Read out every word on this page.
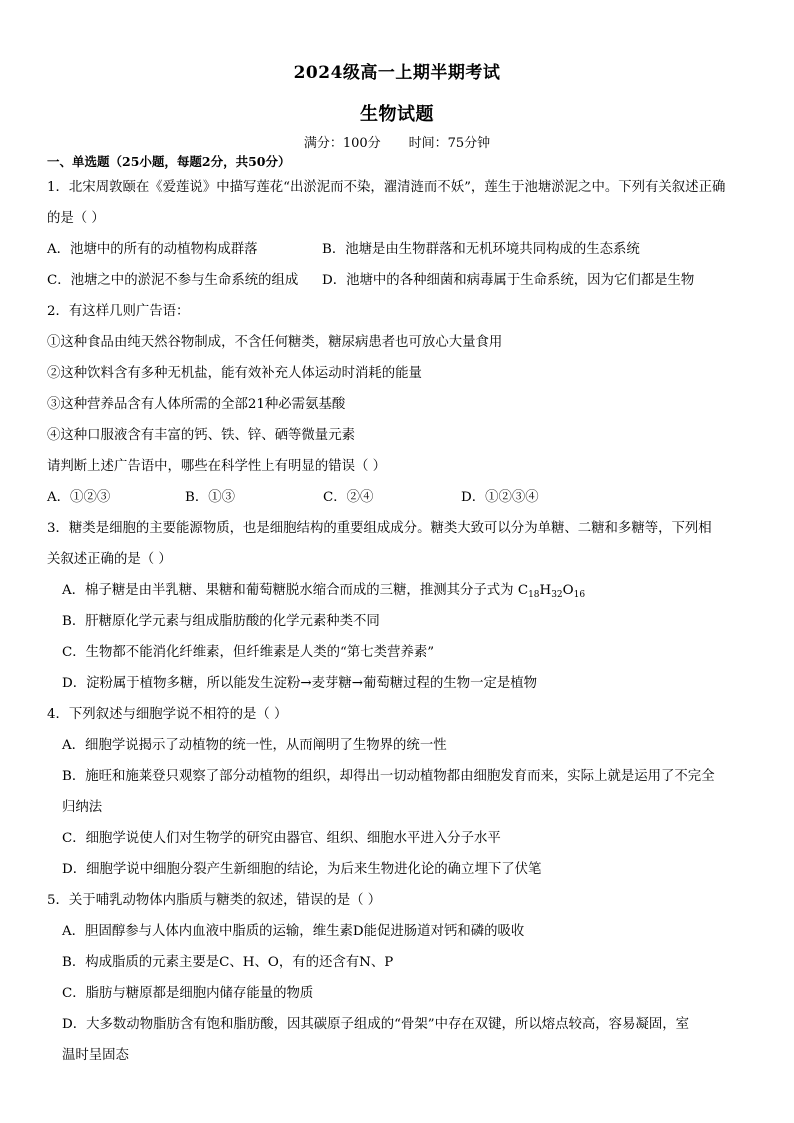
2024级高一上期半期考试
生物试题
满分：100分 时间：75分钟
一、单选题（25小题，每题2分，共50分）
1．北宋周敦颐在《爱莲说》中描写莲花“出淤泥而不染，濯清涟而不妖”，莲生于池塘淤泥之中。下列有关叙述正确
的是（ ）
A．池塘中的所有的动植物构成群落	B．池塘是由生物群落和无机环境共同构成的生态系统
C．池塘之中的淤泥不参与生命系统的组成 D．池塘中的各种细菌和病毒属于生命系统，因为它们都是生物
2．有这样几则广告语：
①这种食品由纯天然谷物制成，不含任何糖类，糖尿病患者也可放心大量食用
②这种饮料含有多种无机盐，能有效补充人体运动时消耗的能量
③这种营养品含有人体所需的全部21种必需氨基酸
④这种口服液含有丰富的钙、铁、锌、硒等微量元素
请判断上述广告语中，哪些在科学性上有明显的错误（ ）
A．①②③	B．①③	C．②④	D．①②③④
3．糖类是细胞的主要能源物质，也是细胞结构的重要组成成分。糖类大致可以分为单糖、二糖和多糖等，下列相
关叙述正确的是（ ）
A．棉子糖是由半乳糖、果糖和葡萄糖脱水缩合而成的三糖，推测其分子式为 $C_{18}H_{32}O_{16}$
B．肝糖原化学元素与组成脂肪酸的化学元素种类不同
C．生物都不能消化纤维素，但纤维素是人类的“第七类营养素”
D．淀粉属于植物多糖，所以能发生淀粉→麦芽糖→葡萄糖过程的生物一定是植物
4．下列叙述与细胞学说不相符的是（ ）
A．细胞学说揭示了动植物的统一性，从而阐明了生物界的统一性
B．施旺和施莱登只观察了部分动植物的组织，却得出一切动植物都由细胞发育而来，实际上就是运用了不完全
归纳法
C．细胞学说使人们对生物学的研究由器官、组织、细胞水平进入分子水平
D．细胞学说中细胞分裂产生新细胞的结论，为后来生物进化论的确立埋下了伏笔
5．关于哺乳动物体内脂质与糖类的叙述，错误的是（ ）
A．胆固醇参与人体内血液中脂质的运输，维生素D能促进肠道对钙和磷的吸收
B．构成脂质的元素主要是C、H、O，有的还含有N、P
C．脂肪与糖原都是细胞内储存能量的物质
D．大多数动物脂肪含有饱和脂肪酸，因其碳原子组成的“骨架”中存在双键，所以熔点较高，容易凝固，室
温时呈固态
